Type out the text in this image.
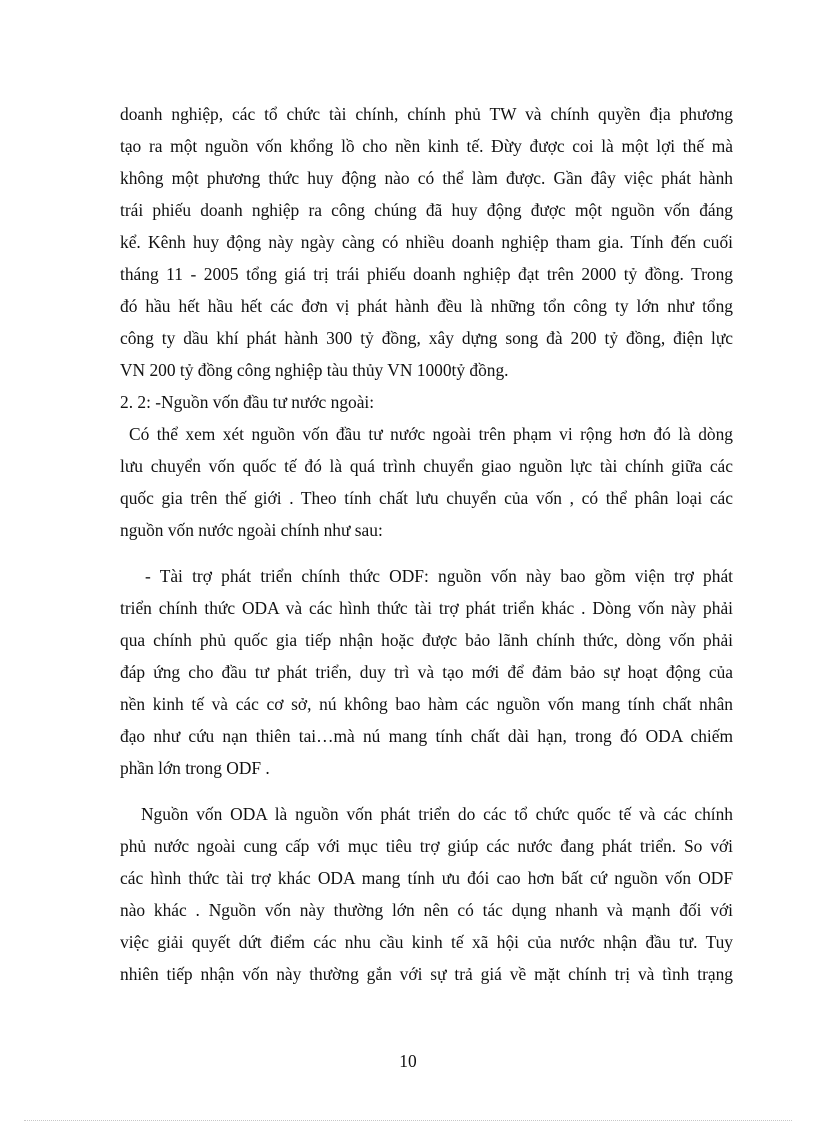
doanh nghiệp, các tổ chức tài chính, chính phủ TW và chính quyền địa phương
tạo ra một nguồn vốn khổng lồ cho nền kinh tế. Đừy được coi là một lợi thế mà
không một phương thức huy động nào có thể làm được. Gần đây việc phát hành
trái phiếu doanh nghiệp ra công chúng đã huy động được một nguồn vốn đáng
kể. Kênh huy động này ngày càng có nhiều doanh nghiệp tham gia. Tính đến cuối
tháng 11 - 2005 tổng giá trị trái phiếu doanh nghiệp đạt trên 2000 tỷ đồng. Trong
đó hầu hết hầu hết các đơn vị phát hành đều là những tổn công ty lớn như tổng
công ty dầu khí phát hành 300 tỷ đồng, xây dựng song đà 200 tỷ đồng, điện lực
VN 200 tỷ đồng công nghiệp tàu thủy VN 1000tỷ đồng.
2. 2: -Nguồn vốn đầu tư nước ngoài:
Có thể xem xét nguồn vốn đầu tư nước ngoài trên phạm vi rộng hơn đó là dòng
lưu chuyển vốn quốc tế đó là quá trình chuyển giao nguồn lực tài chính giữa các
quốc gia trên thế giới . Theo tính chất lưu chuyển của vốn , có thể phân loại các
nguồn vốn nước ngoài chính như sau:
- Tài trợ phát triển chính thức ODF: nguồn vốn này bao gồm viện trợ phát
triển chính thức ODA và các hình thức tài trợ phát triển khác . Dòng vốn này phải
qua chính phủ quốc gia tiếp nhận hoặc được bảo lãnh chính thức, dòng vốn phải
đáp ứng cho đầu tư phát triển, duy trì và tạo mới để đảm bảo sự hoạt động của
nền kinh tế và các cơ sở, nú không bao hàm các nguồn vốn mang tính chất nhân
đạo như cứu nạn thiên tai…mà nú mang tính chất dài hạn, trong đó ODA chiếm
phần lớn trong ODF .
Nguồn vốn ODA là nguồn vốn phát triển do các tổ chức quốc tế và các chính
phủ nước ngoài cung cấp với mục tiêu trợ giúp các nước đang phát triển. So với
các hình thức tài trợ khác ODA mang tính ưu đói cao hơn bất cứ nguồn vốn ODF
nào khác . Nguồn vốn này thường lớn nên có tác dụng nhanh và mạnh đối với
việc giải quyết dứt điểm các nhu cầu kinh tế xã hội của nước nhận đầu tư. Tuy
nhiên tiếp nhận vốn này thường gắn với sự trả giá về mặt chính trị và tình trạng
10
